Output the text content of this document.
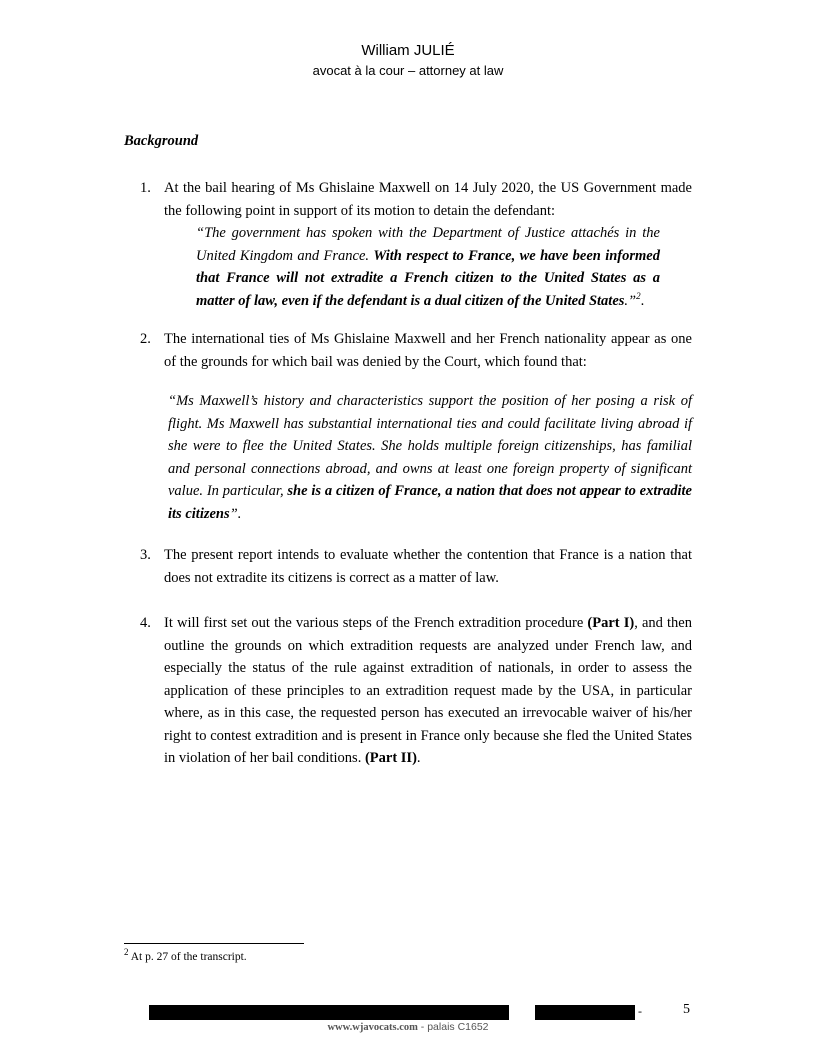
William JULIÉ
avocat à la cour – attorney at law
Background
1. At the bail hearing of Ms Ghislaine Maxwell on 14 July 2020, the US Government made the following point in support of its motion to detain the defendant:
“The government has spoken with the Department of Justice attachés in the United Kingdom and France. With respect to France, we have been informed that France will not extradite a French citizen to the United States as a matter of law, even if the defendant is a dual citizen of the United States.”$^2$.
2. The international ties of Ms Ghislaine Maxwell and her French nationality appear as one of the grounds for which bail was denied by the Court, which found that:
“Ms Maxwell’s history and characteristics support the position of her posing a risk of flight. Ms Maxwell has substantial international ties and could facilitate living abroad if she were to flee the United States. She holds multiple foreign citizenships, has familial and personal connections abroad, and owns at least one foreign property of significant value. In particular, she is a citizen of France, a nation that does not appear to extradite its citizens”.
3. The present report intends to evaluate whether the contention that France is a nation that does not extradite its citizens is correct as a matter of law.
4. It will first set out the various steps of the French extradition procedure (Part I), and then outline the grounds on which extradition requests are analyzed under French law, and especially the status of the rule against extradition of nationals, in order to assess the application of these principles to an extradition request made by the USA, in particular where, as in this case, the requested person has executed an irrevocable waiver of his/her right to contest extradition and is present in France only because she fled the United States in violation of her bail conditions. (Part II).
$^2$ At p. 27 of the transcript.
-	5
www.wjavocats.com - palais C1652
